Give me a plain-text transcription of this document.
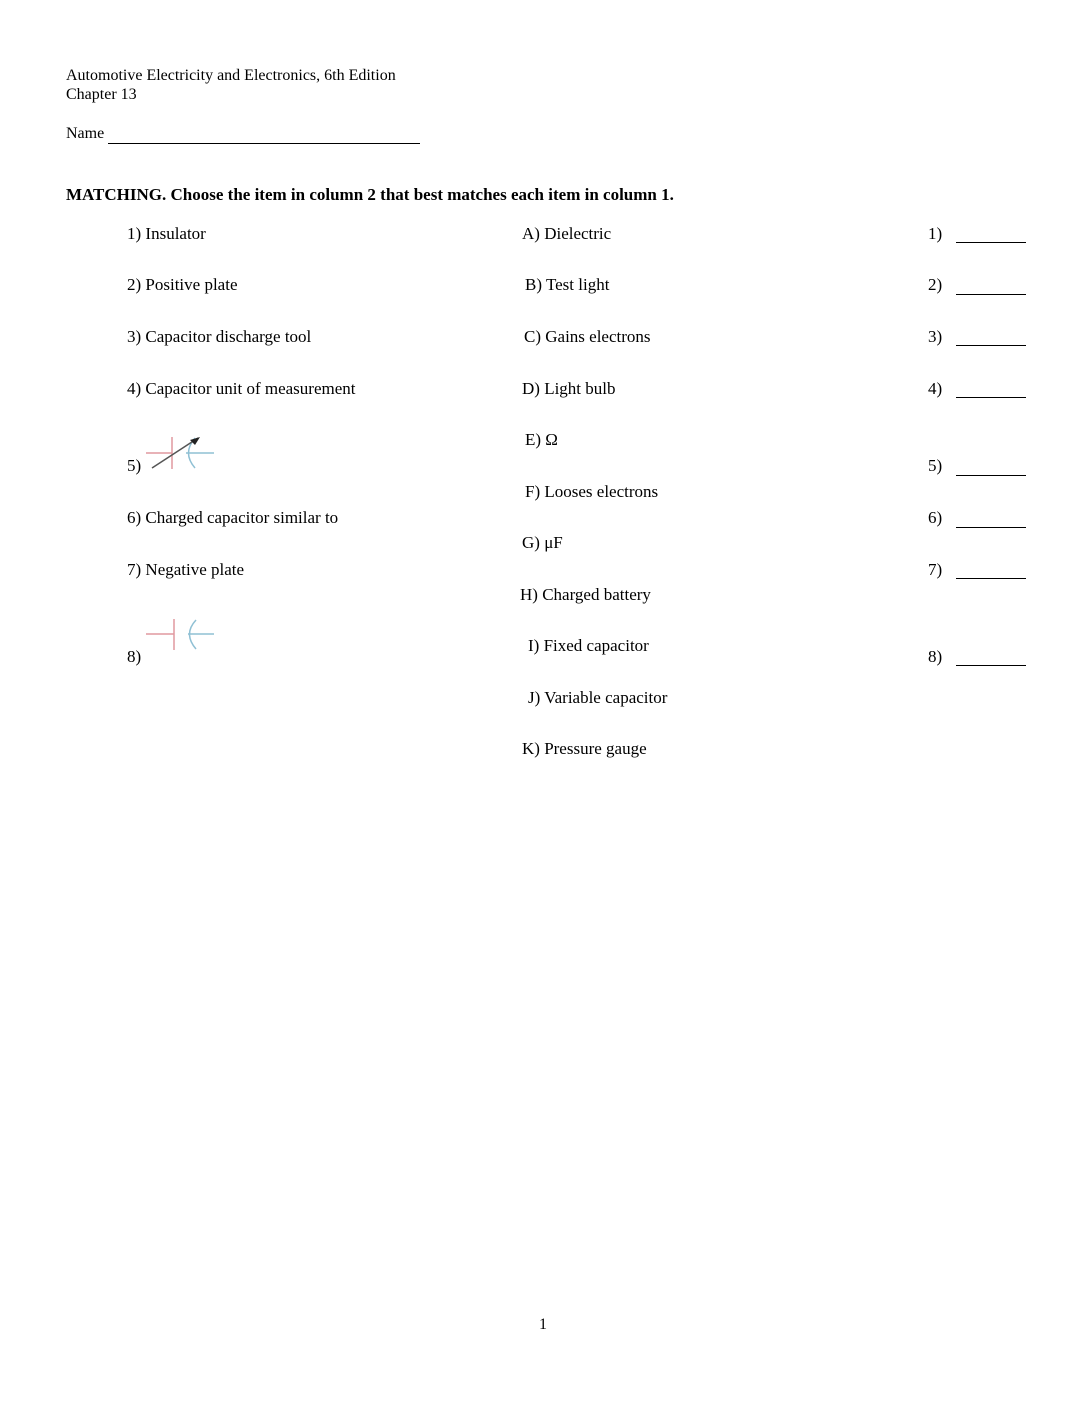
Automotive Electricity and Electronics, 6th Edition
Chapter 13
Name
MATCHING. Choose the item in column 2 that best matches each item in column 1.
1) Insulator
2) Positive plate
3) Capacitor discharge tool
4) Capacitor unit of measurement
5)
6) Charged capacitor similar to
7) Negative plate
8)
A) Dielectric
B) Test light
C) Gains electrons
D) Light bulb
E) Ω
F) Looses electrons
G) μF
H) Charged battery
I) Fixed capacitor
J) Variable capacitor
K) Pressure gauge
1)
2)
3)
4)
5)
6)
7)
8)
1
